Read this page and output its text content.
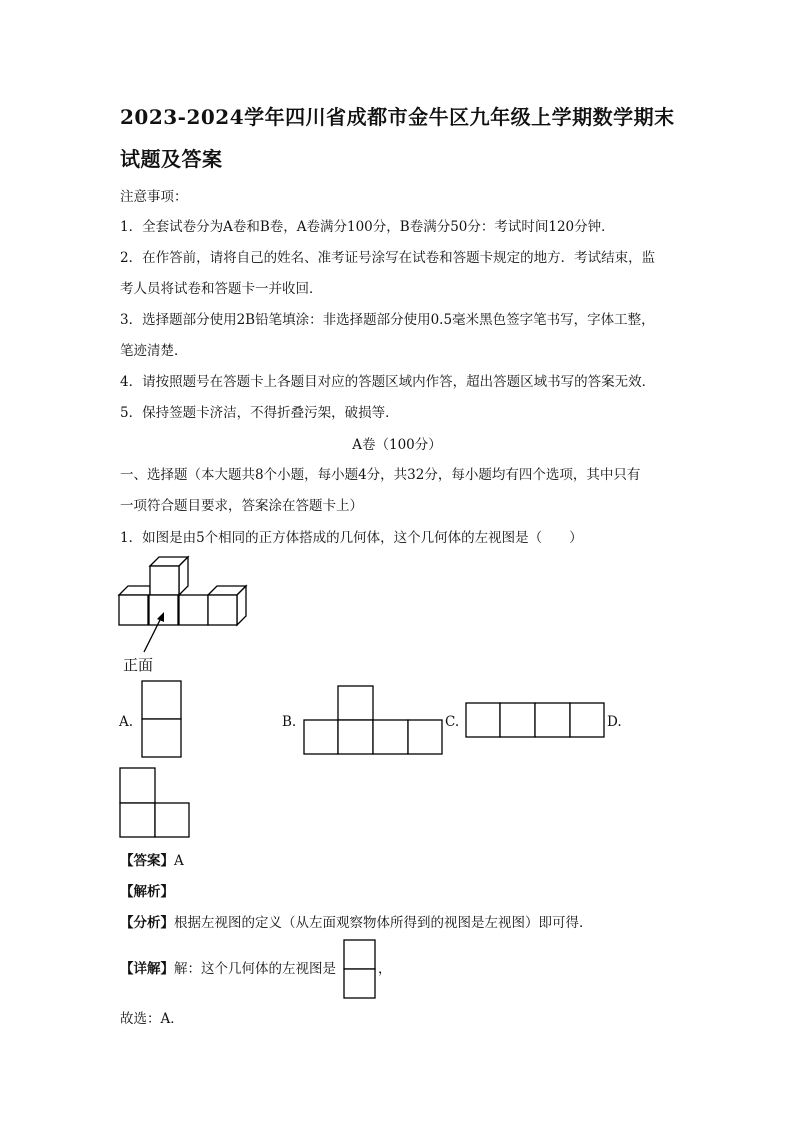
2023-2024学年四川省成都市金牛区九年级上学期数学期末
试题及答案
注意事项：
1．全套试卷分为A卷和B卷，A卷满分100分，B卷满分50分：考试时间120分钟．
2．在作答前，请将自己的姓名、准考证号涂写在试卷和答题卡规定的地方．考试结束，监
考人员将试卷和答题卡一并收回．
3．选择题部分使用2B铅笔填涂：非选择题部分使用0.5毫米黑色签字笔书写，字体工整，
笔迹清楚．
4．请按照题号在答题卡上各题目对应的答题区域内作答，超出答题区域书写的答案无效．
5．保持签题卡济洁，不得折叠污架，破损等．
A卷（100分）
一、选择题（本大题共8个小题，每小题4分，共32分，每小题均有四个选项，其中只有
一项符合题目要求，答案涂在答题卡上）
1．如图是由5个相同的正方体搭成的几何体，这个几何体的左视图是（　　）
正面
A.	B.	C.	D.
【答案】A
【解析】
【分析】根据左视图的定义（从左面观察物体所得到的视图是左视图）即可得．
【详解】解：这个几何体的左视图是	，
故选：A．
